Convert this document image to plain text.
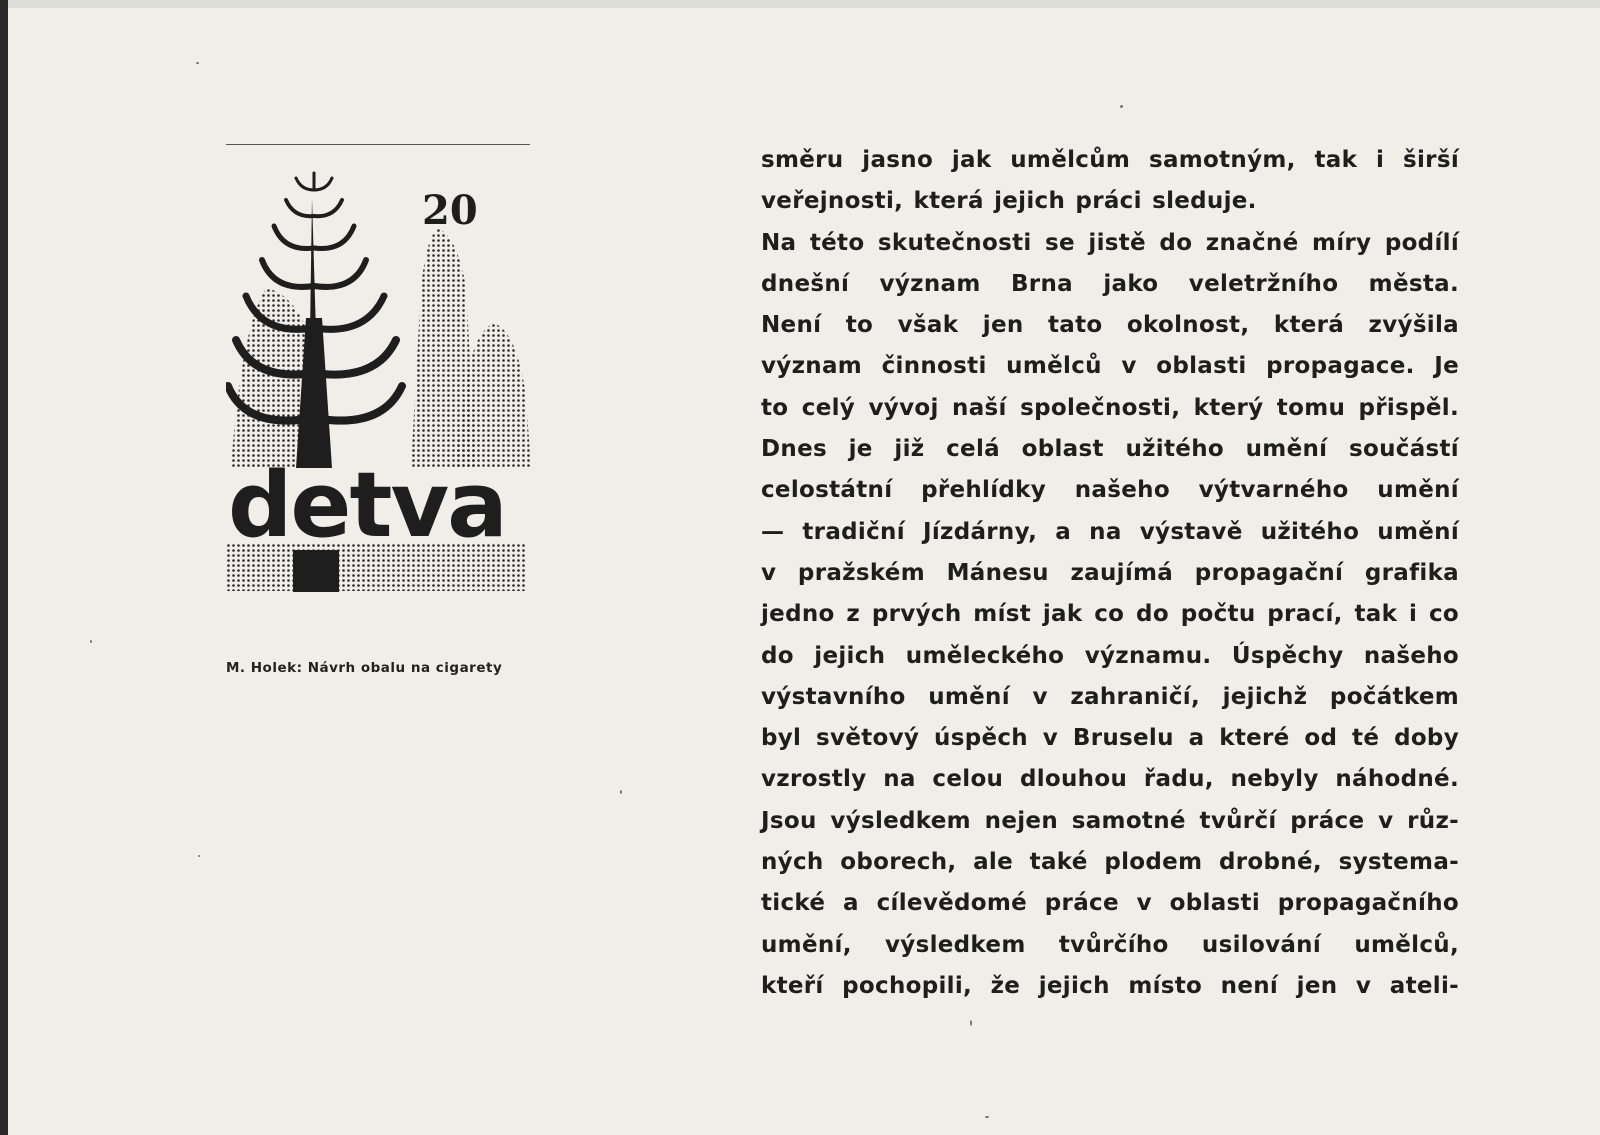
20
detva
M. Holek: Návrh obalu na cigarety
směru jasno jak umělcům samotným, tak i širší
veřejnosti, která jejich práci sleduje.
Na této skutečnosti se jistě do značné míry podílí
dnešní význam Brna jako veletržního města.
Není to však jen tato okolnost, která zvýšila
význam činnosti umělců v oblasti propagace. Je
to celý vývoj naší společnosti, který tomu přispěl.
Dnes je již celá oblast užitého umění součástí
celostátní přehlídky našeho výtvarného umění
— tradiční Jízdárny, a na výstavě užitého umění
v pražském Mánesu zaujímá propagační grafika
jedno z prvých míst jak co do počtu prací, tak i co
do jejich uměleckého významu. Úspěchy našeho
výstavního umění v zahraničí, jejichž počátkem
byl světový úspěch v Bruselu a které od té doby
vzrostly na celou dlouhou řadu, nebyly náhodné.
Jsou výsledkem nejen samotné tvůrčí práce v růz-
ných oborech, ale také plodem drobné, systema-
tické a cílevědomé práce v oblasti propagačního
umění, výsledkem tvůrčího usilování umělců,
kteří pochopili, že jejich místo není jen v ateli-
